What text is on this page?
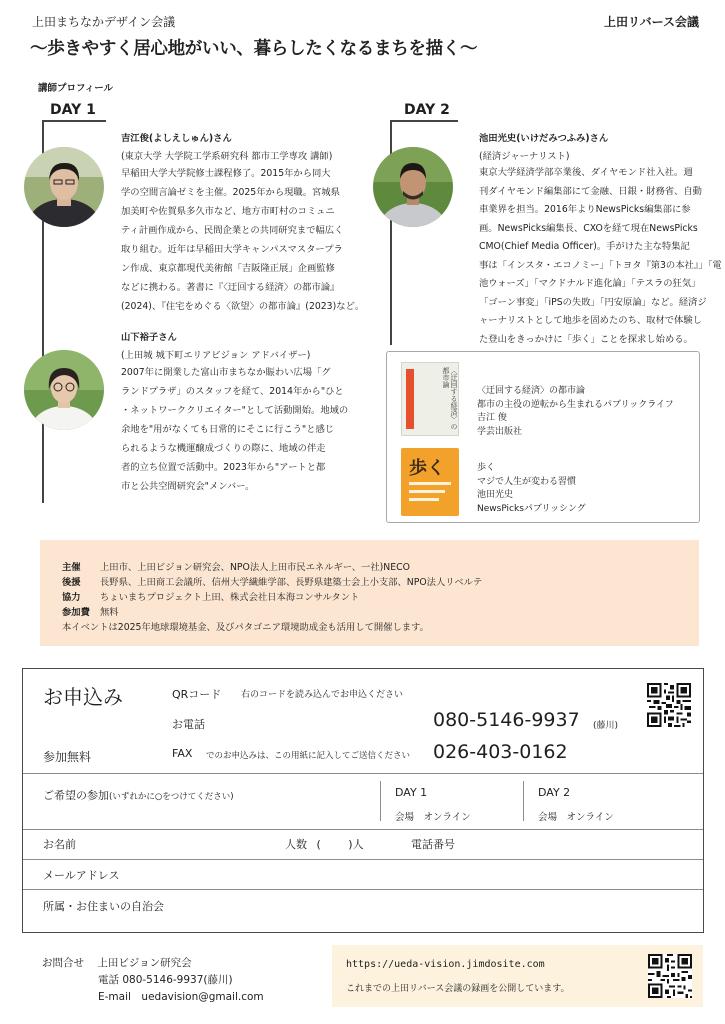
上田まちなかデザイン会議	上田リバース会議
〜歩きやすく居心地がいい、暮らしたくなるまちを描く〜
講師プロフィール
DAY 1
吉江俊(よしえしゅん)さん
(東京大学 大学院工学系研究科 都市工学専攻 講師)
早稲田大学大学院修士課程修了。2015年から同大
学の空間言論ゼミを主催。2025年から現職。宮城県
加美町や佐賀県多久市など、地方市町村のコミュニ
ティ計画作成から、民間企業との共同研究まで幅広く
取り組む。近年は早稲田大学キャンパスマスタープラ
ン作成、東京都現代美術館「吉阪隆正展」企画監修
などに携わる。著書に『〈迂回する経済〉の都市論』
(2024)、『住宅をめぐる〈欲望〉の都市論』(2023)など。
山下裕子さん
(上田城 城下町エリアビジョン アドバイザー)
2007年に開業した富山市まちなか賑わい広場「グ
ランドプラザ」のスタッフを経て、2014年から"ひと
・ネットワーククリエイター"として活動開始。地域の
余地を"用がなくても日常的にそこに行こう"と感じ
られるような機運醸成づくりの際に、地域の伴走
者的立ち位置で活動中。2023年から"アートと都
市と公共空間研究会"メンバー。
DAY 2
池田光史(いけだみつふみ)さん
(経済ジャーナリスト)
東京大学経済学部卒業後、ダイヤモンド社入社。週
刊ダイヤモンド編集部にて金融、日銀・財務省、自動
車業界を担当。2016年よりNewsPicks編集部に参
画。NewsPicks編集長、CXOを経て現在NewsPicks
CMO(Chief Media Officer)。手がけた主な特集記
事は「インスタ・エコノミー」「トヨタ『第3の本社』」「電
池ウォーズ」「マクドナルド進化論」「テスラの狂気」
「ゴーン事変」「iPSの失敗」「円安原論」など。経済ジ
ャーナリストとして地歩を固めたのち、取材で体験し
た登山をきっかけに「歩く」ことを探求し始める。
〈迂回する経済〉の都市論
〈迂回する経済〉の都市論
都市の主役の逆転から生まれるパブリックライフ
吉江 俊
学芸出版社
歩く	歩く
マジで人生が変わる習慣
池田光史
NewsPicksパブリッシング
主催 上田市、上田ビジョン研究会、NPO法人上田市民エネルギー、一社)NECO
後援 長野県、上田商工会議所、信州大学繊維学部、長野県建築士会上小支部、NPO法人リベルテ
協力 ちょいまちプロジェクト上田、株式会社日本海コンサルタント
参加費 無料
本イベントは2025年地球環境基金、及びパタゴニア環境助成金も活用して開催します。
お申込み
参加無料
QRコード 右のコードを読み込んでお申込ください
お電話	080-5146-9937 (藤川)
FAX でのお申込みは、この用紙に記入してご送信ください 026-403-0162
ご希望の参加(いずれかに○をつけてください)	DAY 1
会場　オンライン
DAY 2
会場　オンライン
お名前	人数 (	)人	電話番号
メールアドレス
所属・お住まいの自治会
お問合せ 上田ビジョン研究会
電話 080-5146-9937(藤川)
E-mail　uedavision@gmail.com
https://ueda-vision.jimdosite.com
これまでの上田リバース会議の録画を公開しています。
